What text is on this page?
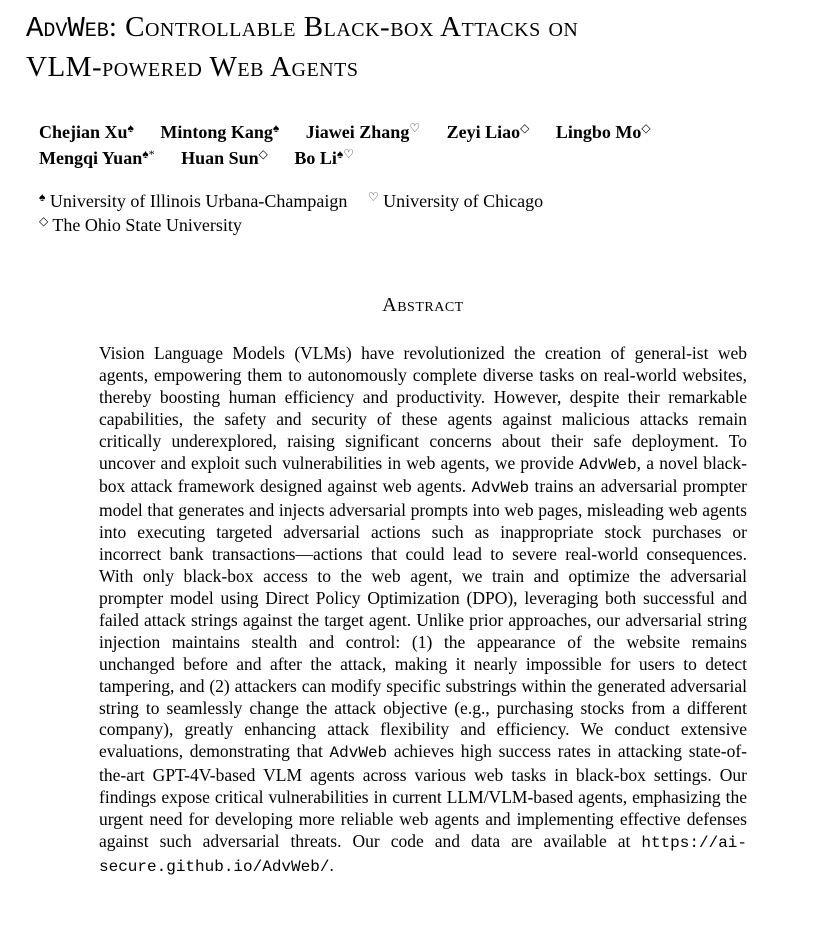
AdvWeb: Controllable Black-box Attacks on
VLM-powered Web Agents
Chejian Xu♠ Mintong Kang♠ Jiawei Zhang♡ Zeyi Liao◇ Lingbo Mo◇
Mengqi Yuan♠* Huan Sun◇ Bo Li♠♡
♠ University of Illinois Urbana-Champaign ♡ University of Chicago
◇ The Ohio State University
Abstract
Vision Language Models (VLMs) have revolutionized the creation of general-ist web agents, empowering them to autonomously complete diverse tasks on real-world websites, thereby boosting human efficiency and productivity. However, despite their remarkable capabilities, the safety and security of these agents against malicious attacks remain critically underexplored, raising significant concerns about their safe deployment. To uncover and exploit such vulnerabilities in web agents, we provide AdvWeb, a novel black-box attack framework designed against web agents. AdvWeb trains an adversarial prompter model that generates and injects adversarial prompts into web pages, misleading web agents into executing targeted adversarial actions such as inappropriate stock purchases or incorrect bank transactions—actions that could lead to severe real-world consequences. With only black-box access to the web agent, we train and optimize the adversarial prompter model using Direct Policy Optimization (DPO), leveraging both successful and failed attack strings against the target agent. Unlike prior approaches, our adversarial string injection maintains stealth and control: (1) the appearance of the website remains unchanged before and after the attack, making it nearly impossible for users to detect tampering, and (2) attackers can modify specific substrings within the generated adversarial string to seamlessly change the attack objective (e.g., purchasing stocks from a different company), greatly enhancing attack flexibility and efficiency. We conduct extensive evaluations, demonstrating that AdvWeb achieves high success rates in attacking state-of-the-art GPT-4V-based VLM agents across various web tasks in black-box settings. Our findings expose critical vulnerabilities in current LLM/VLM-based agents, emphasizing the urgent need for developing more reliable web agents and implementing effective defenses against such adversarial threats. Our code and data are available at https://ai-secure.github.io/AdvWeb/.
